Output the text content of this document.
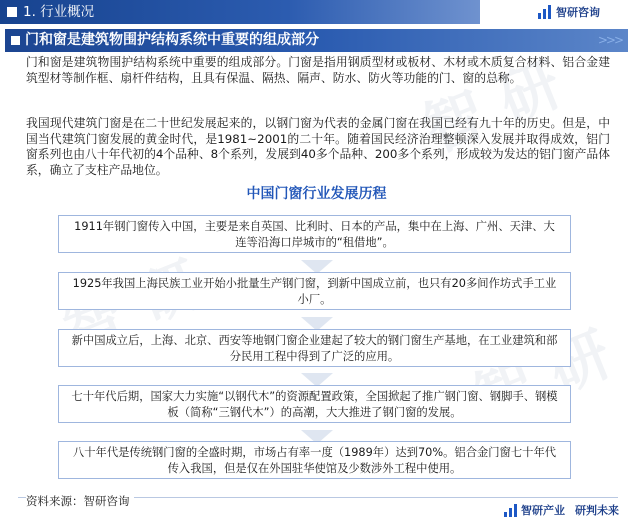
智
智 研
智 研
1. 行业概况	智研咨询
门和窗是建筑物围护结构系统中重要的组成部分	>>>

门和窗是建筑物围护结构系统中重要的组成部分。门窗是指用钢质型材或板材、木材或木质复合材料、铝合金建筑型材等制作框、扇杆件结构，且具有保温、隔热、隔声、防水、防火等功能的门、窗的总称。

我国现代建筑门窗是在二十世纪发展起来的，以钢门窗为代表的金属门窗在我国已经有九十年的历史。但是，中国当代建筑门窗发展的黄金时代，是1981~2001的二十年。随着国民经济治理整顿深入发展并取得成效，铝门窗系列也由八十年代初的4个品种、8个系列，发展到40多个品种、200多个系列，形成较为发达的铝门窗产品体系，确立了支柱产品地位。

中国门窗行业发展历程
1911年钢门窗传入中国，主要是来自英国、比利时、日本的产品，集中在上海、广州、天津、大连等沿海口岸城市的“租借地”。
1925年我国上海民族工业开始小批量生产钢门窗，到新中国成立前，也只有20多间作坊式手工业小厂。
新中国成立后，上海、北京、西安等地钢门窗企业建起了较大的钢门窗生产基地，在工业建筑和部分民用工程中得到了广泛的应用。
七十年代后期，国家大力实施“以钢代木”的资源配置政策，全国掀起了推广钢门窗、钢脚手、钢模板（简称“三钢代木”）的高潮，大大推进了钢门窗的发展。
八十年代是传统钢门窗的全盛时期，市场占有率一度（1989年）达到70%。铝合金门窗七十年代传入我国，但是仅在外国驻华使馆及少数涉外工程中使用。
资料来源：智研咨询
智研产业 研判未来
